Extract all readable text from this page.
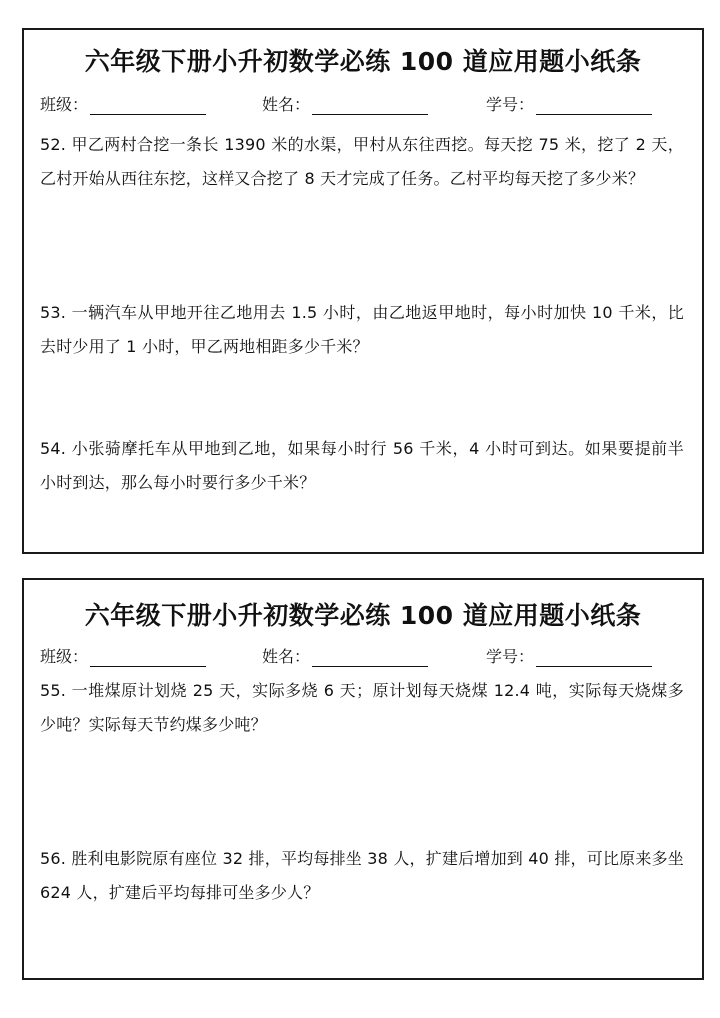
六年级下册小升初数学必练 100 道应用题小纸条
班级：	姓名：	学号：
52. 甲乙两村合挖一条长 1390 米的水渠，甲村从东往西挖。每天挖 75 米，挖了 2 天，乙村开始从西往东挖，这样又合挖了 8 天才完成了任务。乙村平均每天挖了多少米？
53. 一辆汽车从甲地开往乙地用去 1.5 小时，由乙地返甲地时，每小时加快 10 千米，比去时少用了 1 小时，甲乙两地相距多少千米？
54. 小张骑摩托车从甲地到乙地，如果每小时行 56 千米，4 小时可到达。如果要提前半小时到达，那么每小时要行多少千米？
六年级下册小升初数学必练 100 道应用题小纸条
班级：	姓名：	学号：
55. 一堆煤原计划烧 25 天，实际多烧 6 天；原计划每天烧煤 12.4 吨，实际每天烧煤多少吨？实际每天节约煤多少吨？
56. 胜利电影院原有座位 32 排，平均每排坐 38 人，扩建后增加到 40 排，可比原来多坐 624 人，扩建后平均每排可坐多少人？
